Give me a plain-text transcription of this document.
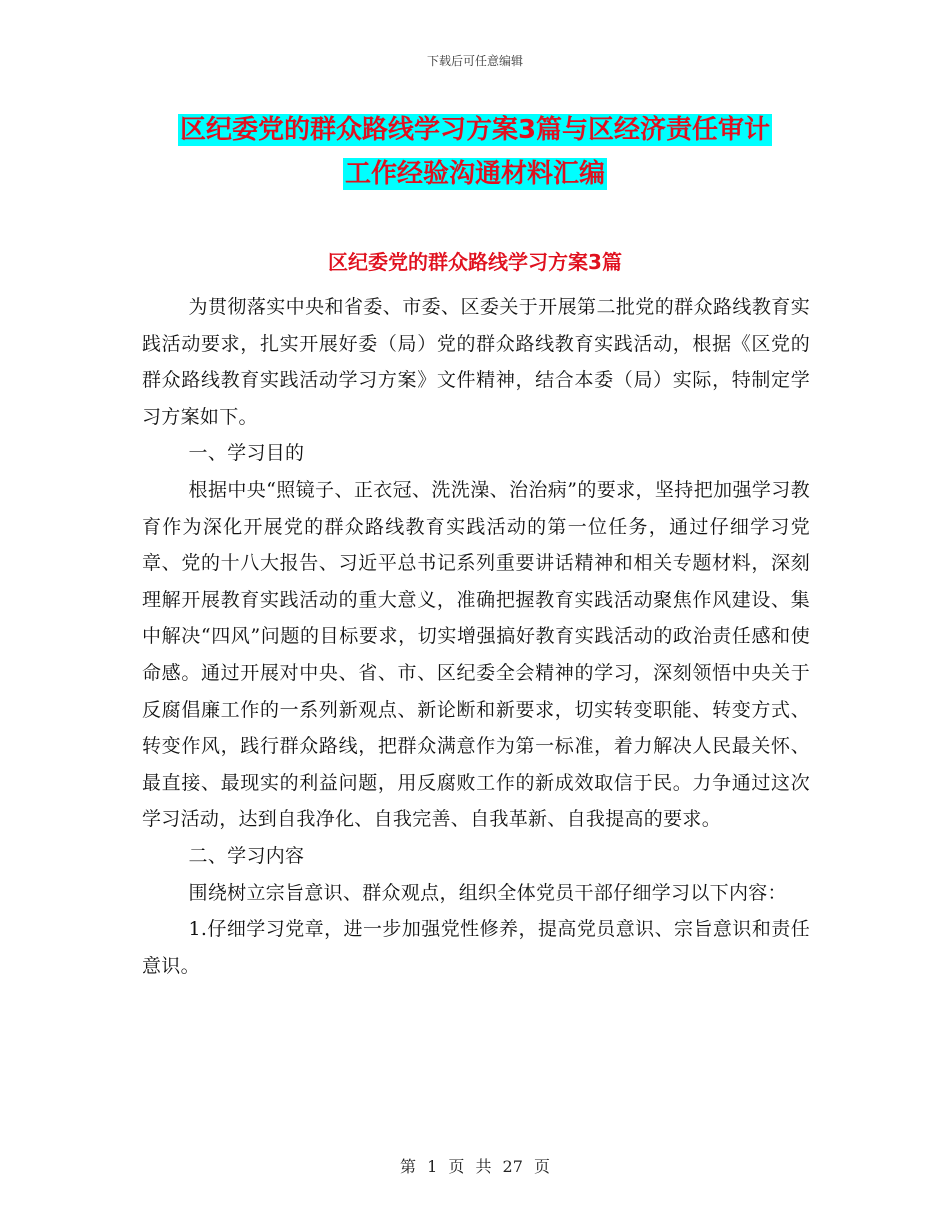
下载后可任意编辑
区纪委党的群众路线学习方案3篇与区经济责任审计
工作经验沟通材料汇编
区纪委党的群众路线学习方案3篇

为贯彻落实中央和省委、市委、区委关于开展第二批党的群众路线教育实践活动要求，扎实开展好委（局）党的群众路线教育实践活动，根据《区党的群众路线教育实践活动学习方案》文件精神，结合本委（局）实际，特制定学习方案如下。

一、学习目的

根据中央“照镜子、正衣冠、洗洗澡、治治病”的要求，坚持把加强学习教育作为深化开展党的群众路线教育实践活动的第一位任务，通过仔细学习党章、党的十八大报告、习近平总书记系列重要讲话精神和相关专题材料，深刻理解开展教育实践活动的重大意义，准确把握教育实践活动聚焦作风建设、集中解决“四风”问题的目标要求，切实增强搞好教育实践活动的政治责任感和使命感。通过开展对中央、省、市、区纪委全会精神的学习，深刻领悟中央关于反腐倡廉工作的一系列新观点、新论断和新要求，切实转变职能、转变方式、转变作风，践行群众路线，把群众满意作为第一标准，着力解决人民最关怀、最直接、最现实的利益问题，用反腐败工作的新成效取信于民。力争通过这次学习活动，达到自我净化、自我完善、自我革新、自我提高的要求。

二、学习内容

围绕树立宗旨意识、群众观点，组织全体党员干部仔细学习以下内容：

1.仔细学习党章，进一步加强党性修养，提高党员意识、宗旨意识和责任意识。

第 1 页 共 27 页
